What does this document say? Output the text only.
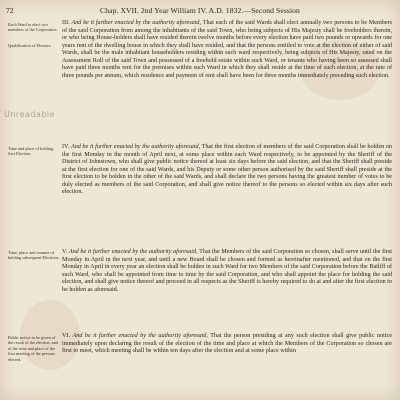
72	Chap. XVII. 2nd Year William IV. A.D. 1832.—Second Session
Each Ward to elect two members of the Corporation.
Qualification of Electors.
Time and place of holding first Election.
Time, place and manner of holding subsequent Elections.
Public notice to be given of the result of the election, and of the time and place of the first meeting of the persons elected.
Unreadable
III. And be it further enacted by the authority aforesaid, That each of the said Wards shall elect annually two persons to be Members of the said Corporation from among the inhabitants of the said Town, who being subjects of His Majesty shall be freeholders therein, or who being House-holders shall have resided therein twelve months before every election have paid two pounds or upwards for one years rent of the dwelling house in which they shall have resided, and that the persons entitled to vote at the election of either of said Wards, shall be the male inhabitant householders residing within such ward respectively, being subjects of His Majesty, rated on the Assessment Roll of the said Town and possessed of a freehold estate within such Ward, or tenants who having been so assessed shall have paid three months rent for the premises within such Ward in which they shall reside at the time of such election, at the rate of three pounds per annum, which residence and payment of rent shall have been for three months immediately preceding such election.
IV. And be it further enacted by the authority aforesaid, That the first election of members of the said Corporation shall be holden on the first Monday in the month of April next, at some place within each Ward respectively, to be appointed by the Sheriff of the District of Johnstown, who shall give public notice thereof at least six days before the said election, and that the Sheriff shall preside at the first election for one of the said Wards, and his Deputy or some other person authorised by the said Sheriff shall preside at the first election to be holden in the other of the said Wards, and shall declare the two persons having the greatest number of votes to be duly elected as members of the said Corporation, and shall give notice thereof to the persons so elected within six days after such election.
V. And be it further enacted by the authority aforesaid, That the Members of the said Corporation so chosen, shall serve until the first Monday in April in the next year, and until a new Board shall be chosen and formed as hereinafter mentioned, and that on the first Monday in April in every year an election shall be holden in such Ward for two Members of the said Corporation before the Bailiff of such Ward, who shall be appointed from time to time by the said Corporation, and who shall appoint the place for holding the said election, and shall give notice thereof and proceed in all respects as the Sheriff is hereby required to do at and after the first election to be holden as aforesaid.
VI. And be it further enacted by the authority aforesaid, That the person presiding at any such election shall give public notice immediately upon declaring the result of the election of the time and place at which the Members of the Corporation so chosen are first to meet, which meeting shall be within ten days after the election and at some place within
